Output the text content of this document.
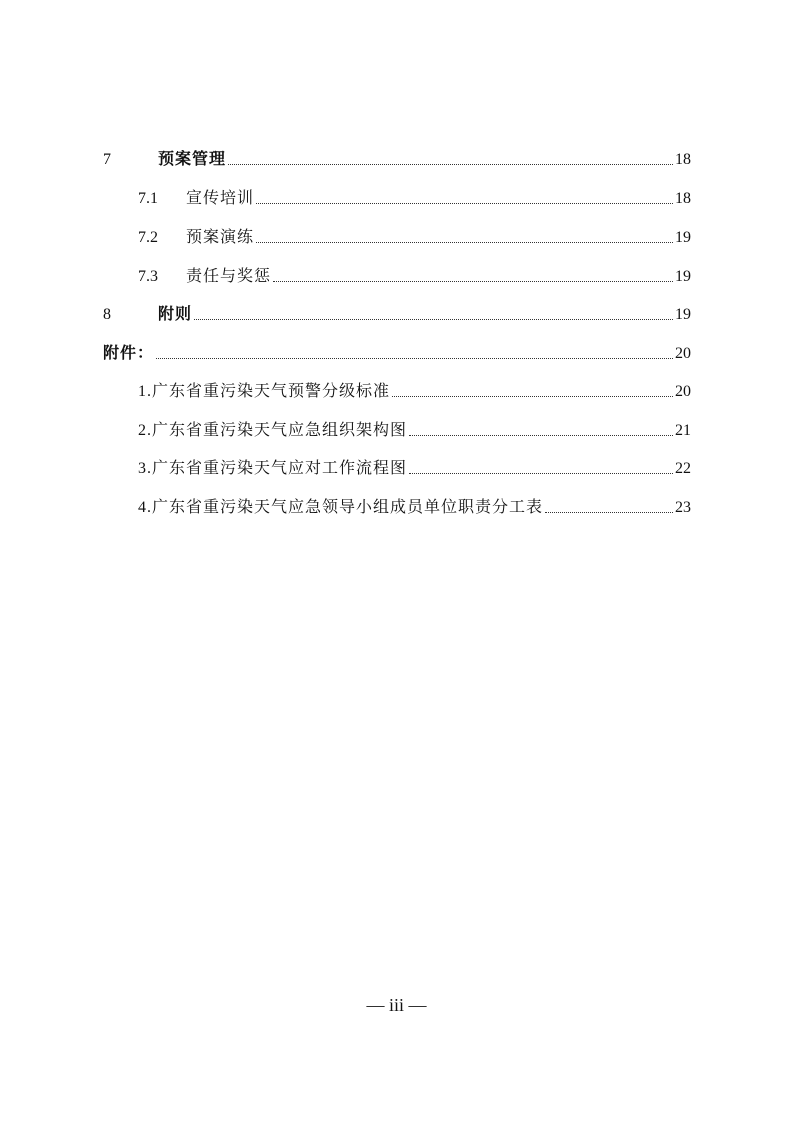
7	预案管理	18
7.1	宣传培训	18
7.2	预案演练	19
7.3	责任与奖惩	19
8	附则	19
附件：	20
1.广东省重污染天气预警分级标准	20
2.广东省重污染天气应急组织架构图	21
3.广东省重污染天气应对工作流程图	22
4.广东省重污染天气应急领导小组成员单位职责分工表	23
— iii —
